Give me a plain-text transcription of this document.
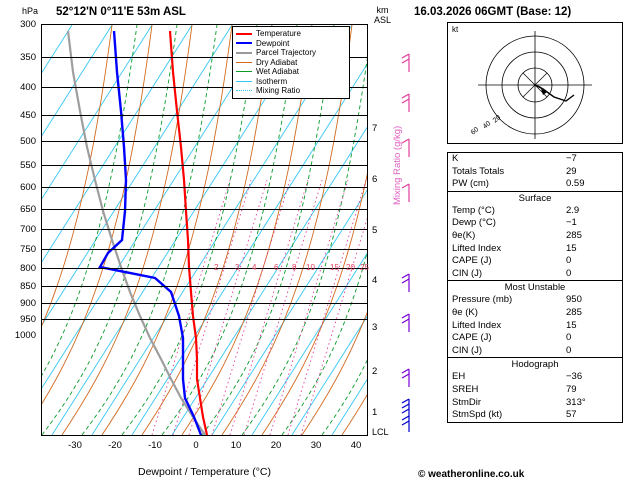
hPa 52°12'N 0°11'E 53m ASL	km
ASL
300
350
400
450
500
550
600
650
700
750
800
850
900
950
1000
-30	-20	-10	0	10	20	30	40
Dewpoint / Temperature (°C)
7
6
5
4
3
2
1
LCL
Mixing Ratio (g/kg)
2 3 4 6 8 10 15 20 25
Temperature
Dewpoint
Parcel Trajectory
Dry Adiabat
Wet Adiabat
Isotherm
Mixing Ratio
16.03.2026 06GMT (Base: 12)
kt
20
40
60
K	−7
Totals Totals	29
PW (cm)	0.59
Surface
Temp (°C)	2.9
Dewp (°C)	−1
θe(K)	285
Lifted Index	15
CAPE (J)	0
CIN (J)	0
Most Unstable
Pressure (mb)	950
θe (K)	285
Lifted Index	15
CAPE (J)	0
CIN (J)	0
Hodograph
EH	−36
SREH	79
StmDir	313°
StmSpd (kt)	57
© weatheronline.co.uk
